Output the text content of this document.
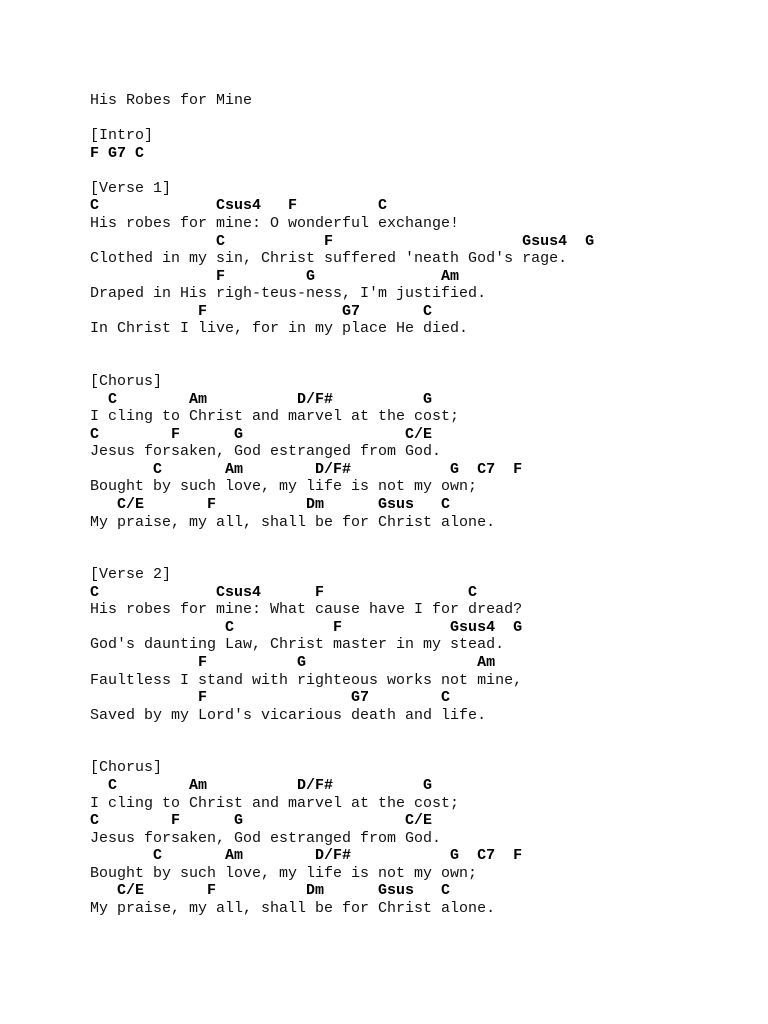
His Robes for Mine
[Intro]
F G7 C
[Verse 1]
C             Csus4   F         C
His robes for mine: O wonderful exchange!
C           F                     Gsus4  G
Clothed in my sin, Christ suffered 'neath God's rage.
F         G              Am
Draped in His righ-teus-ness, I'm justified.
F               G7       C
In Christ I live, for in my place He died.
[Chorus]
C        Am          D/F#          G
I cling to Christ and marvel at the cost;
C        F      G                  C/E
Jesus forsaken, God estranged from God.
C       Am        D/F#           G  C7  F
Bought by such love, my life is not my own;
C/E       F          Dm      Gsus   C
My praise, my all, shall be for Christ alone.
[Verse 2]
C             Csus4      F                C
His robes for mine: What cause have I for dread?
C           F            Gsus4  G
God's daunting Law, Christ master in my stead.
F          G                   Am
Faultless I stand with righteous works not mine,
F                G7        C
Saved by my Lord's vicarious death and life.
[Chorus]
C        Am          D/F#          G
I cling to Christ and marvel at the cost;
C        F      G                  C/E
Jesus forsaken, God estranged from God.
C       Am        D/F#           G  C7  F
Bought by such love, my life is not my own;
C/E       F          Dm      Gsus   C
My praise, my all, shall be for Christ alone.
